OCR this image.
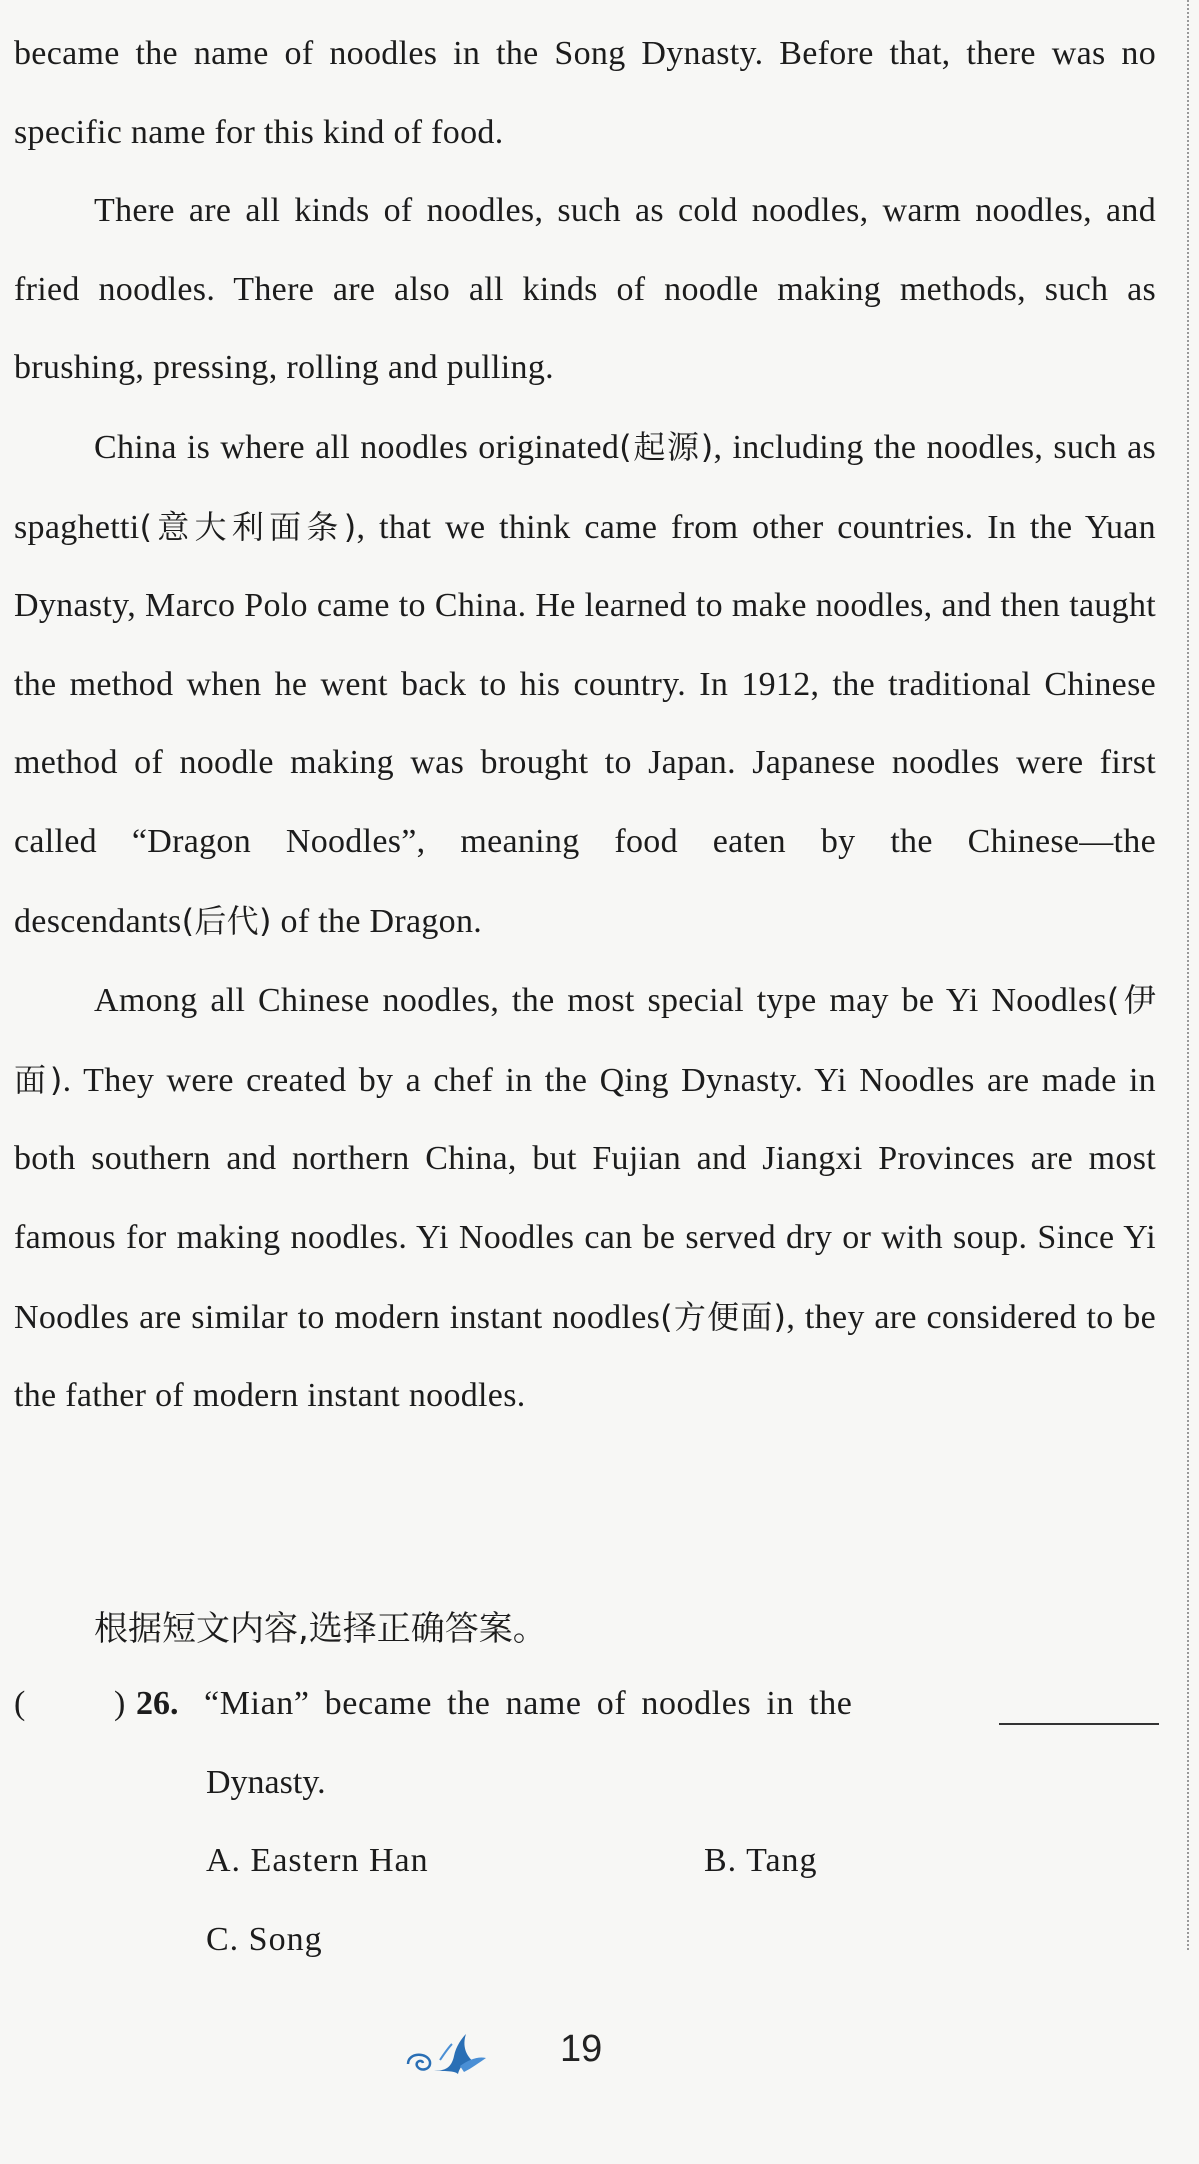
became the name of noodles in the Song Dynasty. Before that, there was no specific name for this kind of food.

There are all kinds of noodles, such as cold noodles, warm noodles, and fried noodles. There are also all kinds of noodle making methods, such as brushing, pressing, rolling and pulling.

China is where all noodles originated(起源), including the noodles, such as spaghetti(意大利面条), that we think came from other countries. In the Yuan Dynasty, Marco Polo came to China. He learned to make noodles, and then taught the method when he went back to his country. In 1912, the traditional Chinese method of noodle making was brought to Japan. Japanese noodles were first called “Dragon Noodles”, meaning food eaten by the Chinese—the descendants(后代) of the Dragon.

Among all Chinese noodles, the most special type may be Yi Noodles(伊面). They were created by a chef in the Qing Dynasty. Yi Noodles are made in both southern and northern China, but Fujian and Jiangxi Provinces are most famous for making noodles. Yi Noodles can be served dry or with soup. Since Yi Noodles are similar to modern instant noodles(方便面), they are considered to be the father of modern instant noodles.

根据短文内容,选择正确答案。
(	) 26. “Mian” became the name of noodles in the
Dynasty.
A. Eastern Han	B. Tang
C. Song
19
